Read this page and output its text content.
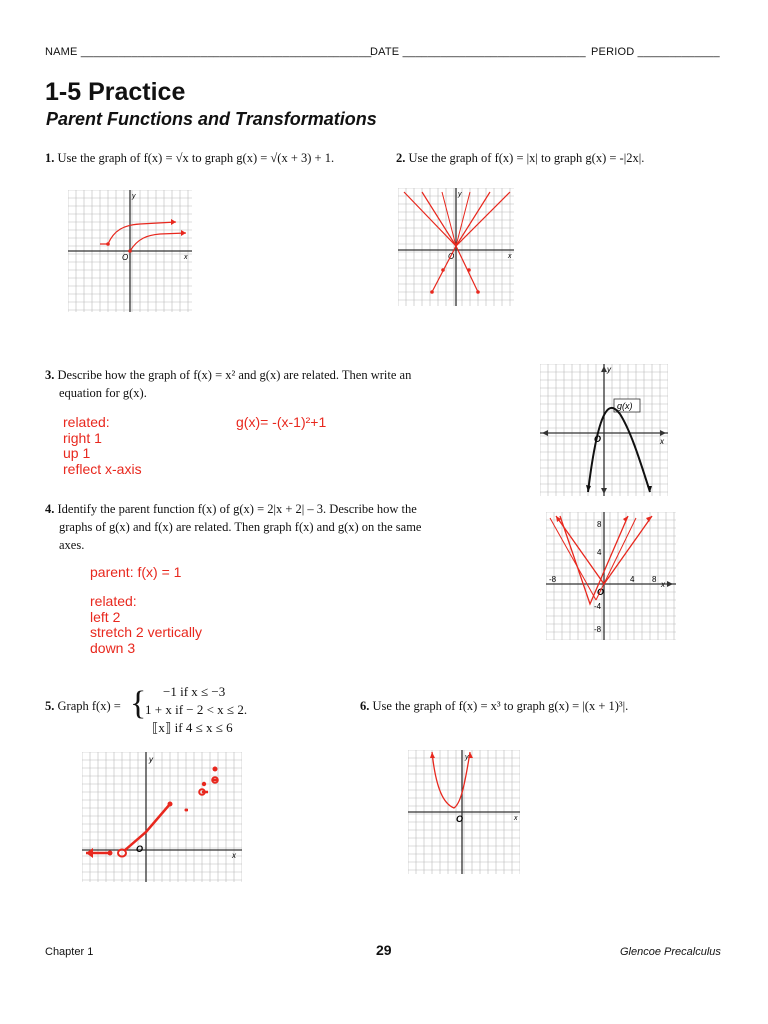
NAME ______________________________________________
DATE _____________________________ PERIOD _____________
1-5 Practice
Parent Functions and Transformations
1. Use the graph of f(x) = √x to graph g(x) = √(x + 3) + 1.
y
x
O
2. Use the graph of f(x) = |x| to graph g(x) = -|2x|.
y
x
O
3. Describe how the graph of f(x) = x² and g(x) are related. Then write an
equation for g(x).
related:
right 1
up 1
reflect x-axis
g(x)= -(x-1)²+1
y
x
O
g(x)
4. Identify the parent function f(x) of g(x) = 2|x + 2| – 3. Describe how the
graphs of g(x) and f(x) are related. Then graph f(x) and g(x) on the same
axes.
parent: f(x) = 1
related:
left 2
stretch 2 vertically
down 3
8
4
-8	4 8
-4
-8
x
O
5. Graph f(x) = {	−1 if x ≤ −3
1 + x if − 2 < x ≤ 2.
⟦x⟧ if 4 ≤ x ≤ 6
y
x
O
6. Use the graph of f(x) = x³ to graph g(x) = |(x + 1)³|.
y
x
O
Chapter 1	29	Glencoe Precalculus
